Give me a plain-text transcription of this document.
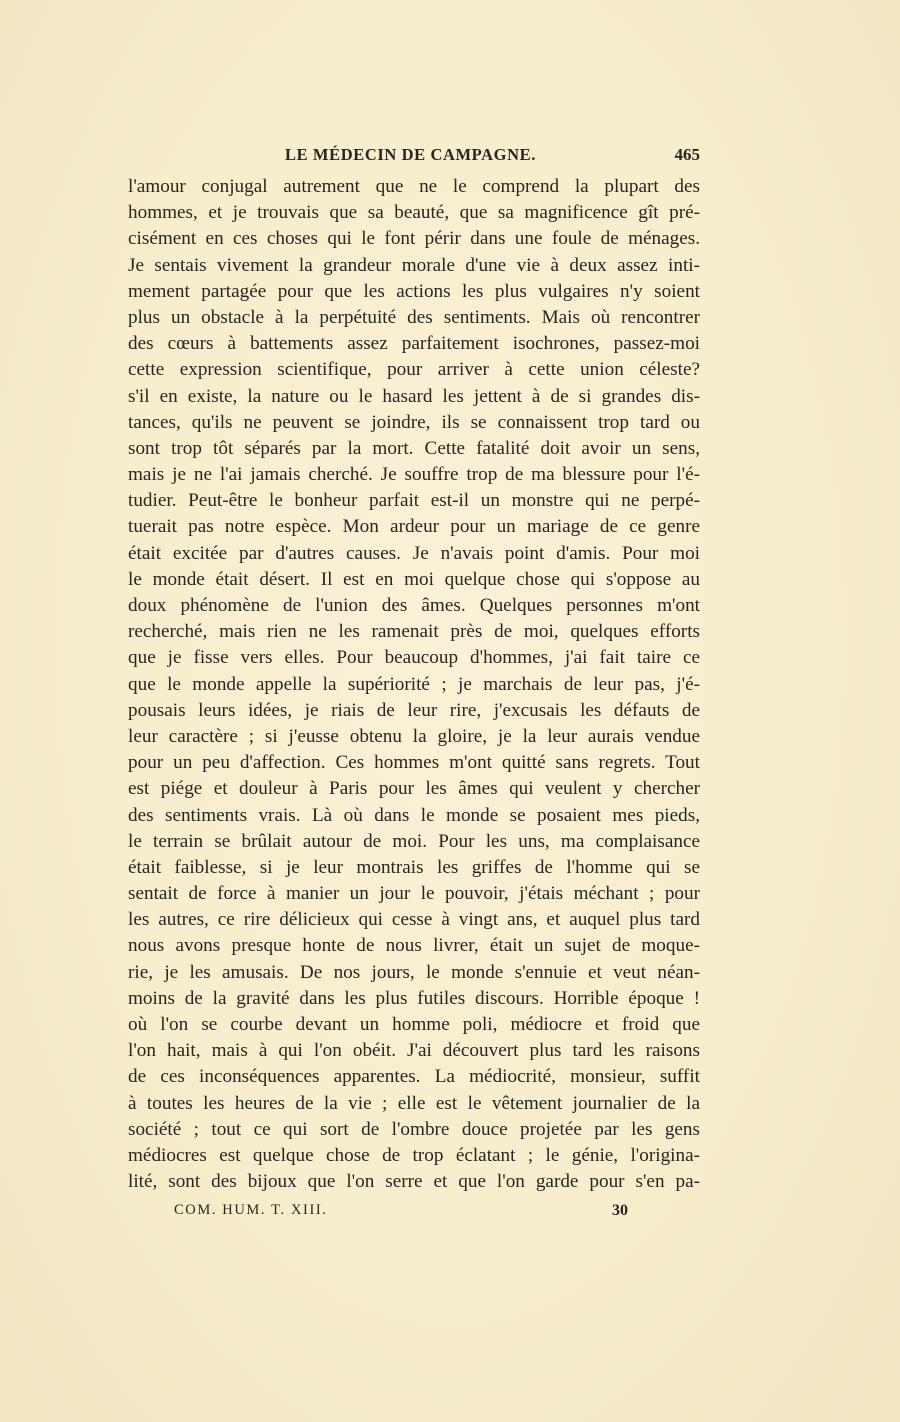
LE MÉDECIN DE CAMPAGNE.	465
l'amour conjugal autrement que ne le comprend la plupart des
hommes, et je trouvais que sa beauté, que sa magnificence gît pré-
cisément en ces choses qui le font périr dans une foule de ménages.
Je sentais vivement la grandeur morale d'une vie à deux assez inti-
mement partagée pour que les actions les plus vulgaires n'y soient
plus un obstacle à la perpétuité des sentiments. Mais où rencontrer
des cœurs à battements assez parfaitement isochrones, passez-moi
cette expression scientifique, pour arriver à cette union céleste?
s'il en existe, la nature ou le hasard les jettent à de si grandes dis-
tances, qu'ils ne peuvent se joindre, ils se connaissent trop tard ou
sont trop tôt séparés par la mort. Cette fatalité doit avoir un sens,
mais je ne l'ai jamais cherché. Je souffre trop de ma blessure pour l'é-
tudier. Peut-être le bonheur parfait est-il un monstre qui ne perpé-
tuerait pas notre espèce. Mon ardeur pour un mariage de ce genre
était excitée par d'autres causes. Je n'avais point d'amis. Pour moi
le monde était désert. Il est en moi quelque chose qui s'oppose au
doux phénomène de l'union des âmes. Quelques personnes m'ont
recherché, mais rien ne les ramenait près de moi, quelques efforts
que je fisse vers elles. Pour beaucoup d'hommes, j'ai fait taire ce
que le monde appelle la supériorité ; je marchais de leur pas, j'é-
pousais leurs idées, je riais de leur rire, j'excusais les défauts de
leur caractère ; si j'eusse obtenu la gloire, je la leur aurais vendue
pour un peu d'affection. Ces hommes m'ont quitté sans regrets. Tout
est piége et douleur à Paris pour les âmes qui veulent y chercher
des sentiments vrais. Là où dans le monde se posaient mes pieds,
le terrain se brûlait autour de moi. Pour les uns, ma complaisance
était faiblesse, si je leur montrais les griffes de l'homme qui se
sentait de force à manier un jour le pouvoir, j'étais méchant ; pour
les autres, ce rire délicieux qui cesse à vingt ans, et auquel plus tard
nous avons presque honte de nous livrer, était un sujet de moque-
rie, je les amusais. De nos jours, le monde s'ennuie et veut néan-
moins de la gravité dans les plus futiles discours. Horrible époque !
où l'on se courbe devant un homme poli, médiocre et froid que
l'on hait, mais à qui l'on obéit. J'ai découvert plus tard les raisons
de ces inconséquences apparentes. La médiocrité, monsieur, suffit
à toutes les heures de la vie ; elle est le vêtement journalier de la
société ; tout ce qui sort de l'ombre douce projetée par les gens
médiocres est quelque chose de trop éclatant ; le génie, l'origina-
lité, sont des bijoux que l'on serre et que l'on garde pour s'en pa-
COM. HUM. T. XIII.	30
